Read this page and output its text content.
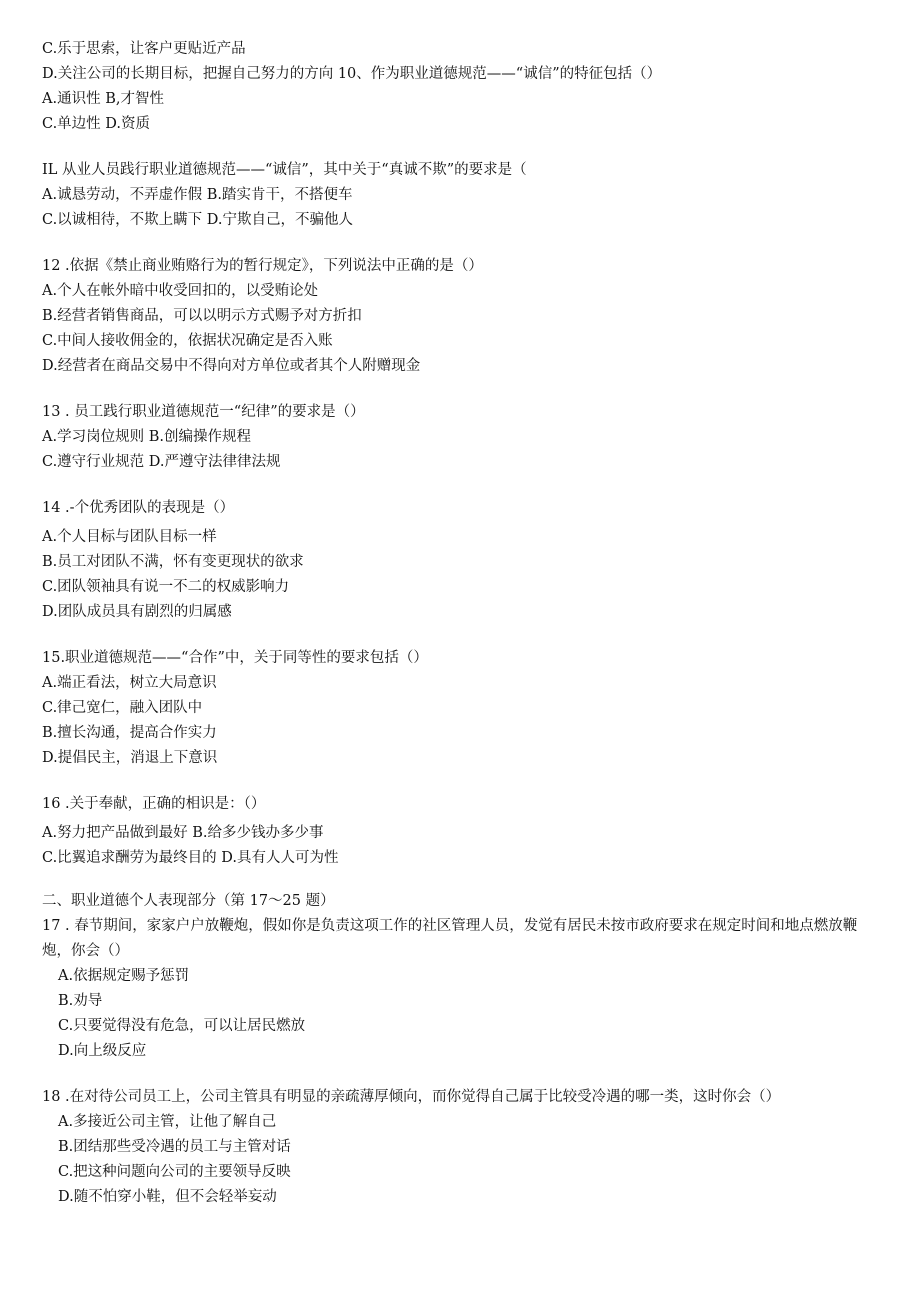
C.乐于思索，让客户更贴近产品
D.关注公司的长期目标，把握自己努力的方向 10、作为职业道德规范——“诚信”的特征包括（）
A.通识性 B,才智性
C.单边性 D.资质
IL 从业人员践行职业道德规范——“诚信”，其中关于“真诚不欺”的要求是（
A.诚恳劳动，不弄虚作假 B.踏实肯干，不搭便车
C.以诚相待，不欺上瞒下 D.宁欺自己，不骗他人
12 .依据《禁止商业贿赂行为的暂行规定》，下列说法中正确的是（）
A.个人在帐外暗中收受回扣的，以受贿论处
B.经营者销售商品，可以以明示方式赐予对方折扣
C.中间人接收佣金的，依据状况确定是否入账
D.经营者在商品交易中不得向对方单位或者其个人附赠现金
13 . 员工践行职业道德规范一“纪律”的要求是（）
A.学习岗位规则 B.创编操作规程
C.遵守行业规范 D.严遵守法律律法规
14 .-个优秀团队的表现是（）
A.个人目标与团队目标一样
B.员工对团队不满，怀有变更现状的欲求
C.团队领袖具有说一不二的权威影响力
D.团队成员具有剧烈的归属感
15.职业道德规范——“合作”中，关于同等性的要求包括（）
A.端正看法，树立大局意识
C.律己宽仁，融入团队中
B.擅长沟通，提高合作实力
D.提倡民主，消退上下意识
16 .关于奉献，正确的相识是：（）
A.努力把产品做到最好 B.给多少钱办多少事
C.比翼追求酬劳为最终目的 D.具有人人可为性
二、职业道德个人表现部分（第 17〜25 题）
17 . 春节期间，家家户户放鞭炮，假如你是负责这项工作的社区管理人员，发觉有居民未按市政府要求在规定时间和地点燃放鞭炮，你会（）
A.依据规定赐予惩罚
B.劝导
C.只要觉得没有危急，可以让居民燃放
D.向上级反应
18 .在对待公司员工上，公司主管具有明显的亲疏薄厚倾向，而你觉得自己属于比较受冷遇的哪一类，这时你会（）
A.多接近公司主管，让他了解自己
B.团结那些受冷遇的员工与主管对话
C.把这种问题向公司的主要领导反映
D.随不怕穿小鞋，但不会轻举妄动
